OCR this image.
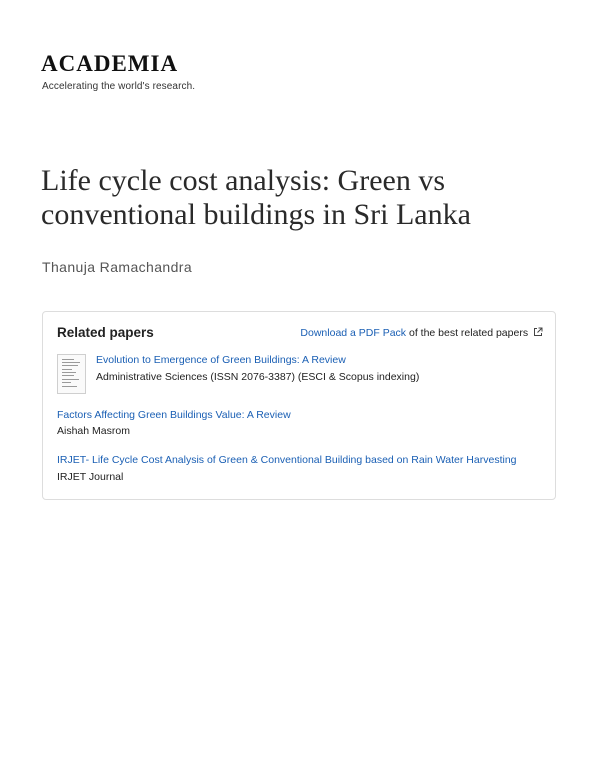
ACADEMIA
Accelerating the world's research.
Life cycle cost analysis: Green vs conventional buildings in Sri Lanka
Thanuja Ramachandra
Related papers	Download a PDF Pack of the best related papers
Evolution to Emergence of Green Buildings: A Review
Administrative Sciences (ISSN 2076-3387) (ESCI & Scopus indexing)
Factors Affecting Green Buildings Value: A Review
Aishah Masrom
IRJET- Life Cycle Cost Analysis of Green & Conventional Building based on Rain Water Harvesting
IRJET Journal
